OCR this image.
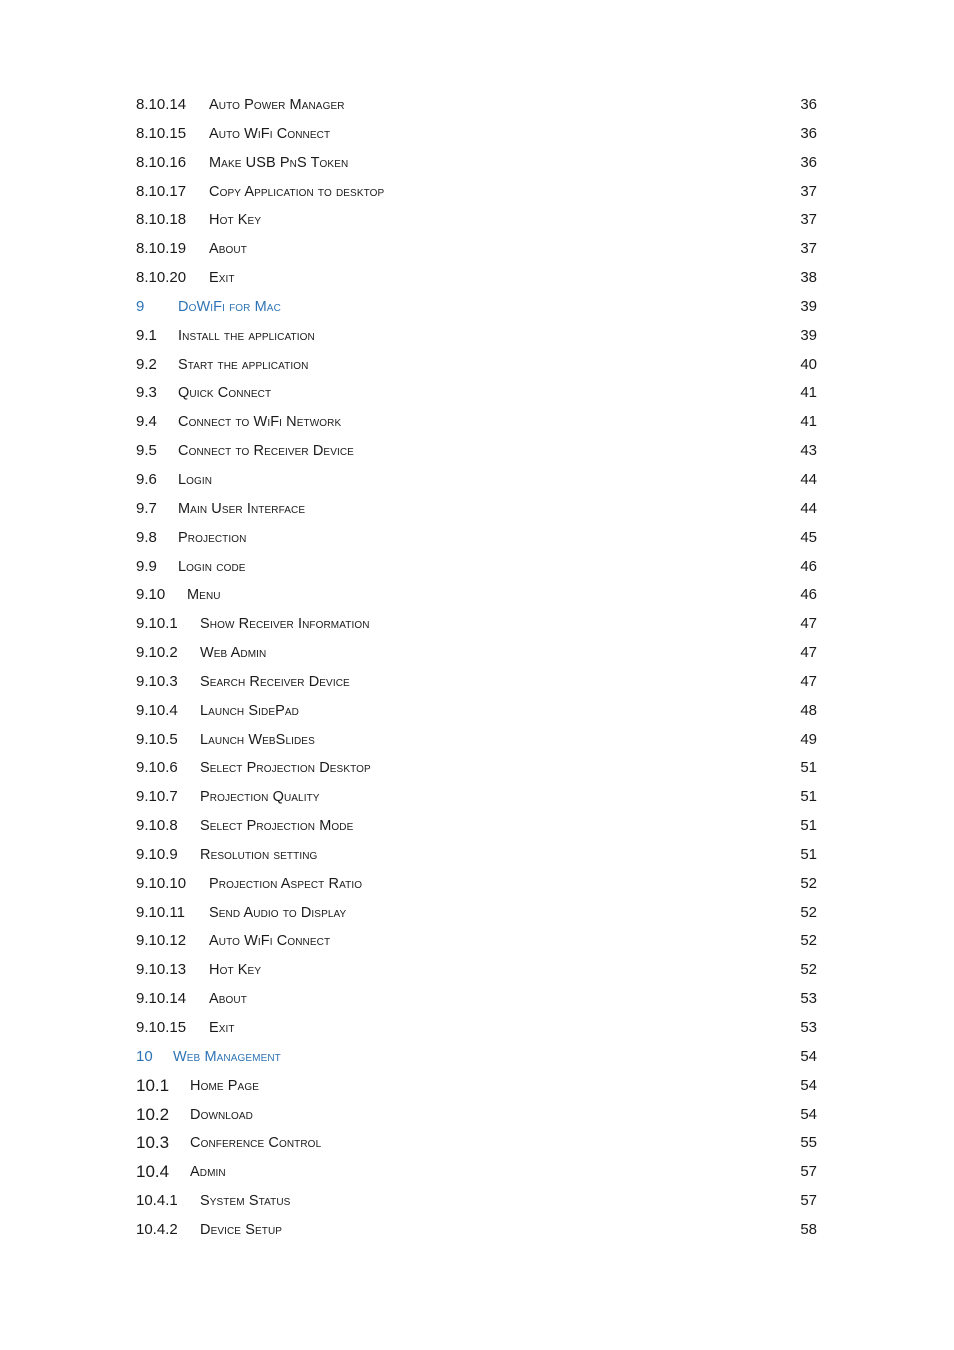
8.10.14 Auto Power Manager	36
8.10.15 Auto WiFi Connect	36
8.10.16 Make USB PnS Token	36
8.10.17 Copy Application to desktop	37
8.10.18 Hot Key	37
8.10.19 About	37
8.10.20 Exit	38
9 DoWiFi for Mac	39
9.1 Install the application	39
9.2 Start the application	40
9.3 Quick Connect	41
9.4 Connect to WiFi Network	41
9.5 Connect to Receiver Device	43
9.6 Login	44
9.7 Main User Interface	44
9.8 Projection	45
9.9 Login code	46
9.10 Menu	46
9.10.1 Show Receiver Information	47
9.10.2 Web Admin	47
9.10.3 Search Receiver Device	47
9.10.4 Launch SidePad	48
9.10.5 Launch WebSlides	49
9.10.6 Select Projection Desktop	51
9.10.7 Projection Quality	51
9.10.8 Select Projection Mode	51
9.10.9 Resolution setting	51
9.10.10 Projection Aspect Ratio	52
9.10.11 Send Audio to Display	52
9.10.12 Auto WiFi Connect	52
9.10.13 Hot Key	52
9.10.14 About	53
9.10.15 Exit	53
10 Web Management	54
10.1 Home Page	54
10.2 Download	54
10.3 Conference Control	55
10.4 Admin	57
10.4.1 System Status	57
10.4.2 Device Setup	58
